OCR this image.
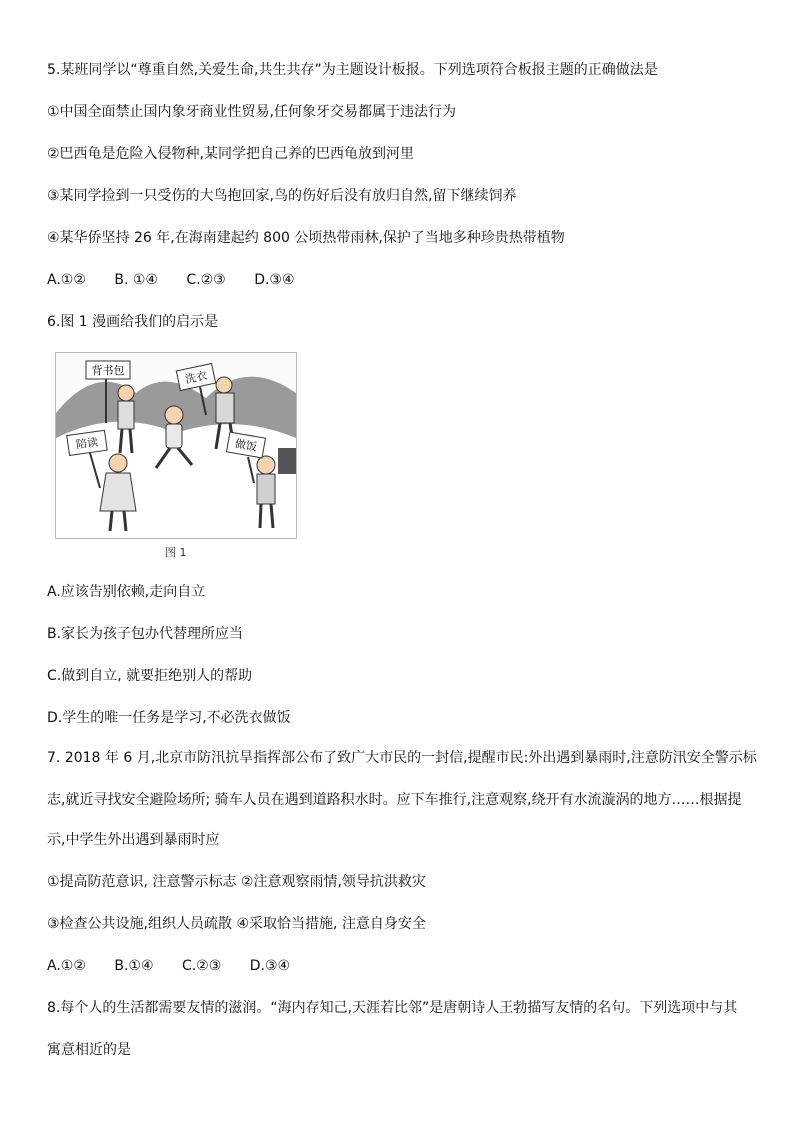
5.某班同学以“尊重自然,关爱生命,共生共存”为主题设计板报。下列选项符合板报主题的正确做法是
①中国全面禁止国内象牙商业性贸易,任何象牙交易都属于违法行为
②巴西龟是危险入侵物种,某同学把自己养的巴西龟放到河里
③某同学捡到一只受伤的大鸟抱回家,鸟的伤好后没有放归自然,留下继续饲养
④某华侨坚持 26 年,在海南建起约 800 公顷热带雨林,保护了当地多种珍贵热带植物
A.①② B. ①④ C.②③ D.③④
6.图 1 漫画给我们的启示是
背书包	洗衣
陪读	做饭
图 1
A.应该告别依赖,走向自立
B.家长为孩子包办代替理所应当
C.做到自立, 就要拒绝别人的帮助
D.学生的唯一任务是学习,不必洗衣做饭
7. 2018 年 6 月,北京市防汛抗旱指挥部公布了致广大市民的一封信,提醒市民:外出遇到暴雨时,注意防汛安全警示标
志,就近寻找安全避险场所; 骑车人员在遇到道路积水时。应下车推行,注意观察,绕开有水流漩涡的地方……根据提
示,中学生外出遇到暴雨时应
①提高防范意识, 注意警示标志 ②注意观察雨情,领导抗洪救灾
③检查公共设施,组织人员疏散 ④采取恰当措施, 注意自身安全
A.①② B.①④ C.②③ D.③④
8.每个人的生活都需要友情的滋润。“海内存知己,天涯若比邻”是唐朝诗人王勃描写友情的名句。下列选项中与其
寓意相近的是
